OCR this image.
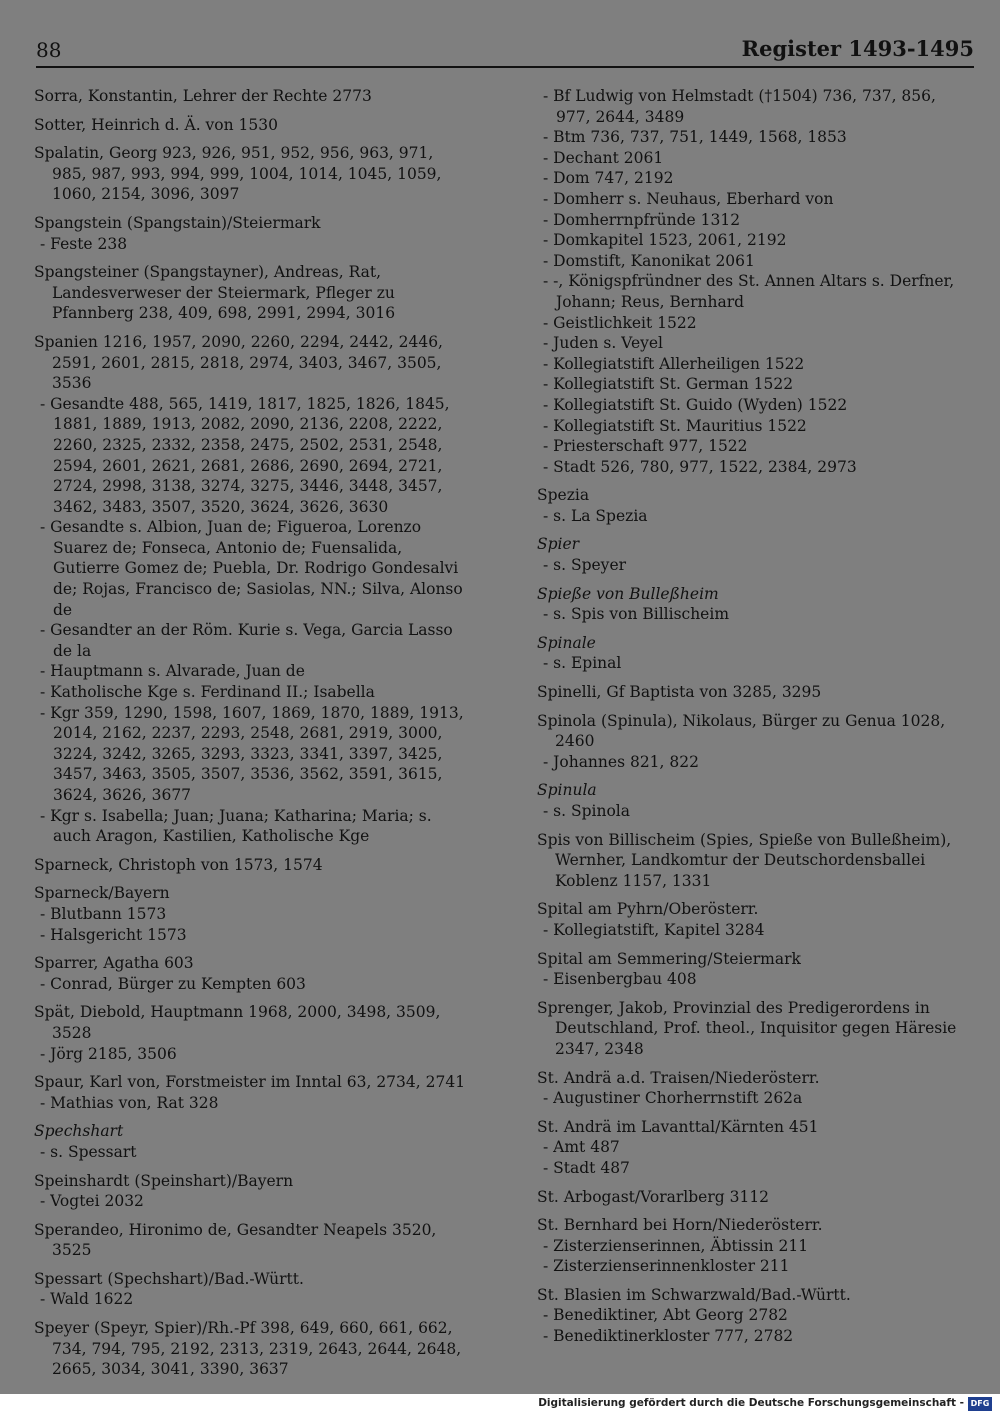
88	Register 1493-1495
Sorra, Konstantin, Lehrer der Rechte 2773
Sotter, Heinrich d. Ä. von 1530
Spalatin, Georg 923, 926, 951, 952, 956, 963, 971, 985, 987, 993, 994, 999, 1004, 1014, 1045, 1059, 1060, 2154, 3096, 3097
Spangstein (Spangstain)/Steiermark
- Feste 238
Spangsteiner (Spangstayner), Andreas, Rat, Landesverweser der Steiermark, Pfleger zu Pfannberg 238, 409, 698, 2991, 2994, 3016
Spanien 1216, 1957, 2090, 2260, 2294, 2442, 2446, 2591, 2601, 2815, 2818, 2974, 3403, 3467, 3505, 3536
- Gesandte 488, 565, 1419, 1817, 1825, 1826, 1845, 1881, 1889, 1913, 2082, 2090, 2136, 2208, 2222, 2260, 2325, 2332, 2358, 2475, 2502, 2531, 2548, 2594, 2601, 2621, 2681, 2686, 2690, 2694, 2721, 2724, 2998, 3138, 3274, 3275, 3446, 3448, 3457, 3462, 3483, 3507, 3520, 3624, 3626, 3630
- Gesandte s. Albion, Juan de; Figueroa, Lorenzo Suarez de; Fonseca, Antonio de; Fuensalida, Gutierre Gomez de; Puebla, Dr. Rodrigo Gondesalvi de; Rojas, Francisco de; Sasiolas, NN.; Silva, Alonso de
- Gesandter an der Röm. Kurie s. Vega, Garcia Lasso de la
- Hauptmann s. Alvarade, Juan de
- Katholische Kge s. Ferdinand II.; Isabella
- Kgr 359, 1290, 1598, 1607, 1869, 1870, 1889, 1913, 2014, 2162, 2237, 2293, 2548, 2681, 2919, 3000, 3224, 3242, 3265, 3293, 3323, 3341, 3397, 3425, 3457, 3463, 3505, 3507, 3536, 3562, 3591, 3615, 3624, 3626, 3677
- Kgr s. Isabella; Juan; Juana; Katharina; Maria; s. auch Aragon, Kastilien, Katholische Kge
Sparneck, Christoph von 1573, 1574
Sparneck/Bayern
- Blutbann 1573
- Halsgericht 1573
Sparrer, Agatha 603
- Conrad, Bürger zu Kempten 603
Spät, Diebold, Hauptmann 1968, 2000, 3498, 3509, 3528
- Jörg 2185, 3506
Spaur, Karl von, Forstmeister im Inntal 63, 2734, 2741
- Mathias von, Rat 328
Spechshart
- s. Spessart
Speinshardt (Speinshart)/Bayern
- Vogtei 2032
Sperandeo, Hironimo de, Gesandter Neapels 3520, 3525
Spessart (Spechshart)/Bad.-Württ.
- Wald 1622
Speyer (Speyr, Spier)/Rh.-Pf 398, 649, 660, 661, 662, 734, 794, 795, 2192, 2313, 2319, 2643, 2644, 2648, 2665, 3034, 3041, 3390, 3637
- Bf Ludwig von Helmstadt (†1504) 736, 737, 856, 977, 2644, 3489
- Btm 736, 737, 751, 1449, 1568, 1853
- Dechant 2061
- Dom 747, 2192
- Domherr s. Neuhaus, Eberhard von
- Domherrnpfründe 1312
- Domkapitel 1523, 2061, 2192
- Domstift, Kanonikat 2061
- -, Königspfründner des St. Annen Altars s. Derfner, Johann; Reus, Bernhard
- Geistlichkeit 1522
- Juden s. Veyel
- Kollegiatstift Allerheiligen 1522
- Kollegiatstift St. German 1522
- Kollegiatstift St. Guido (Wyden) 1522
- Kollegiatstift St. Mauritius 1522
- Priesterschaft 977, 1522
- Stadt 526, 780, 977, 1522, 2384, 2973
Spezia
- s. La Spezia
Spier
- s. Speyer
Spieße von Bulleßheim
- s. Spis von Billischeim
Spinale
- s. Epinal
Spinelli, Gf Baptista von 3285, 3295
Spinola (Spinula), Nikolaus, Bürger zu Genua 1028, 2460
- Johannes 821, 822
Spinula
- s. Spinola
Spis von Billischeim (Spies, Spieße von Bulleßheim), Wernher, Landkomtur der Deutschordensballei Koblenz 1157, 1331
Spital am Pyhrn/Oberösterr.
- Kollegiatstift, Kapitel 3284
Spital am Semmering/Steiermark
- Eisenbergbau 408
Sprenger, Jakob, Provinzial des Predigerordens in Deutschland, Prof. theol., Inquisitor gegen Häresie 2347, 2348
St. Andrä a.d. Traisen/Niederösterr.
- Augustiner Chorherrnstift 262a
St. Andrä im Lavanttal/Kärnten 451
- Amt 487
- Stadt 487
St. Arbogast/Vorarlberg 3112
St. Bernhard bei Horn/Niederösterr.
- Zisterzienserinnen, Äbtissin 211
- Zisterzienserinnenkloster 211
St. Blasien im Schwarzwald/Bad.-Württ.
- Benediktiner, Abt Georg 2782
- Benediktinerkloster 777, 2782
Digitalisierung gefördert durch die Deutsche Forschungsgemeinschaft - DFG
